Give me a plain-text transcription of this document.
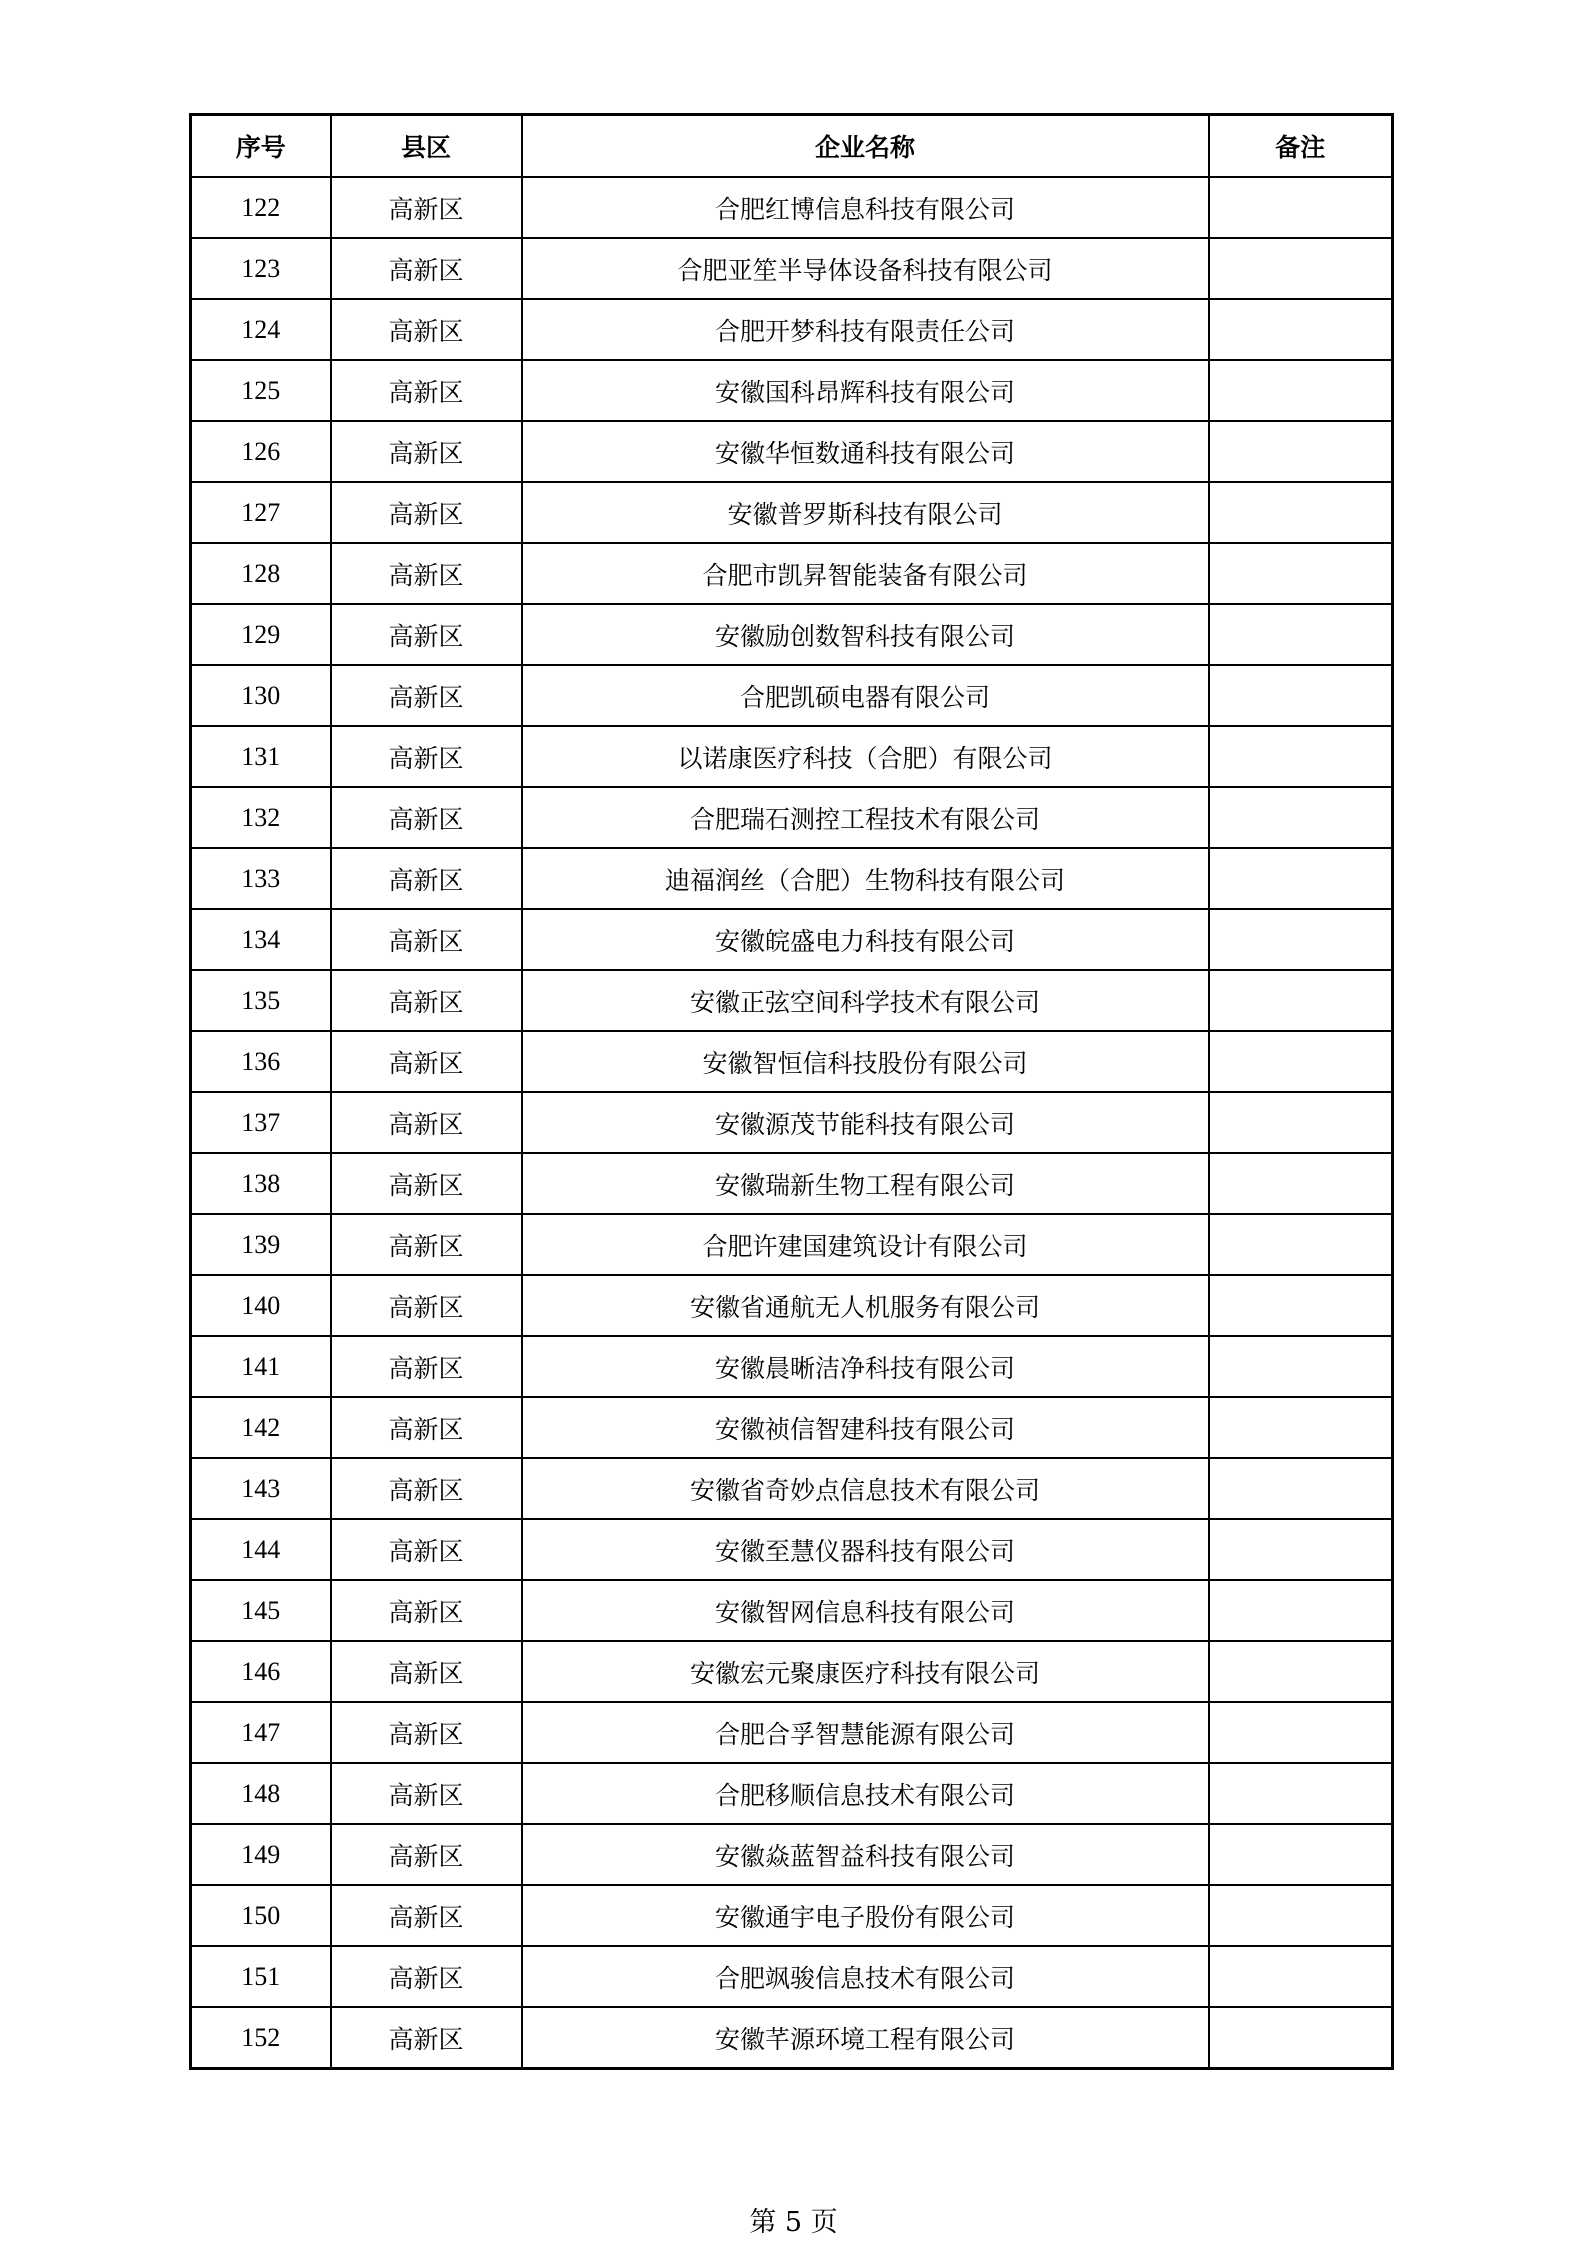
序号	县区	企业名称	备注
122	高新区	合肥红博信息科技有限公司	
123	高新区	合肥亚笙半导体设备科技有限公司	
124	高新区	合肥开梦科技有限责任公司	
125	高新区	安徽国科昂辉科技有限公司	
126	高新区	安徽华恒数通科技有限公司	
127	高新区	安徽普罗斯科技有限公司	
128	高新区	合肥市凯昇智能装备有限公司	
129	高新区	安徽励创数智科技有限公司	
130	高新区	合肥凯硕电器有限公司	
131	高新区	以诺康医疗科技（合肥）有限公司	
132	高新区	合肥瑞石测控工程技术有限公司	
133	高新区	迪福润丝（合肥）生物科技有限公司	
134	高新区	安徽皖盛电力科技有限公司	
135	高新区	安徽正弦空间科学技术有限公司	
136	高新区	安徽智恒信科技股份有限公司	
137	高新区	安徽源茂节能科技有限公司	
138	高新区	安徽瑞新生物工程有限公司	
139	高新区	合肥许建国建筑设计有限公司	
140	高新区	安徽省通航无人机服务有限公司	
141	高新区	安徽晨晰洁净科技有限公司	
142	高新区	安徽祯信智建科技有限公司	
143	高新区	安徽省奇妙点信息技术有限公司	
144	高新区	安徽至慧仪器科技有限公司	
145	高新区	安徽智网信息科技有限公司	
146	高新区	安徽宏元聚康医疗科技有限公司	
147	高新区	合肥合孚智慧能源有限公司	
148	高新区	合肥移顺信息技术有限公司	
149	高新区	安徽焱蓝智益科技有限公司	
150	高新区	安徽通宇电子股份有限公司	
151	高新区	合肥飒骏信息技术有限公司	
152	高新区	安徽芊源环境工程有限公司	
第 5 页
